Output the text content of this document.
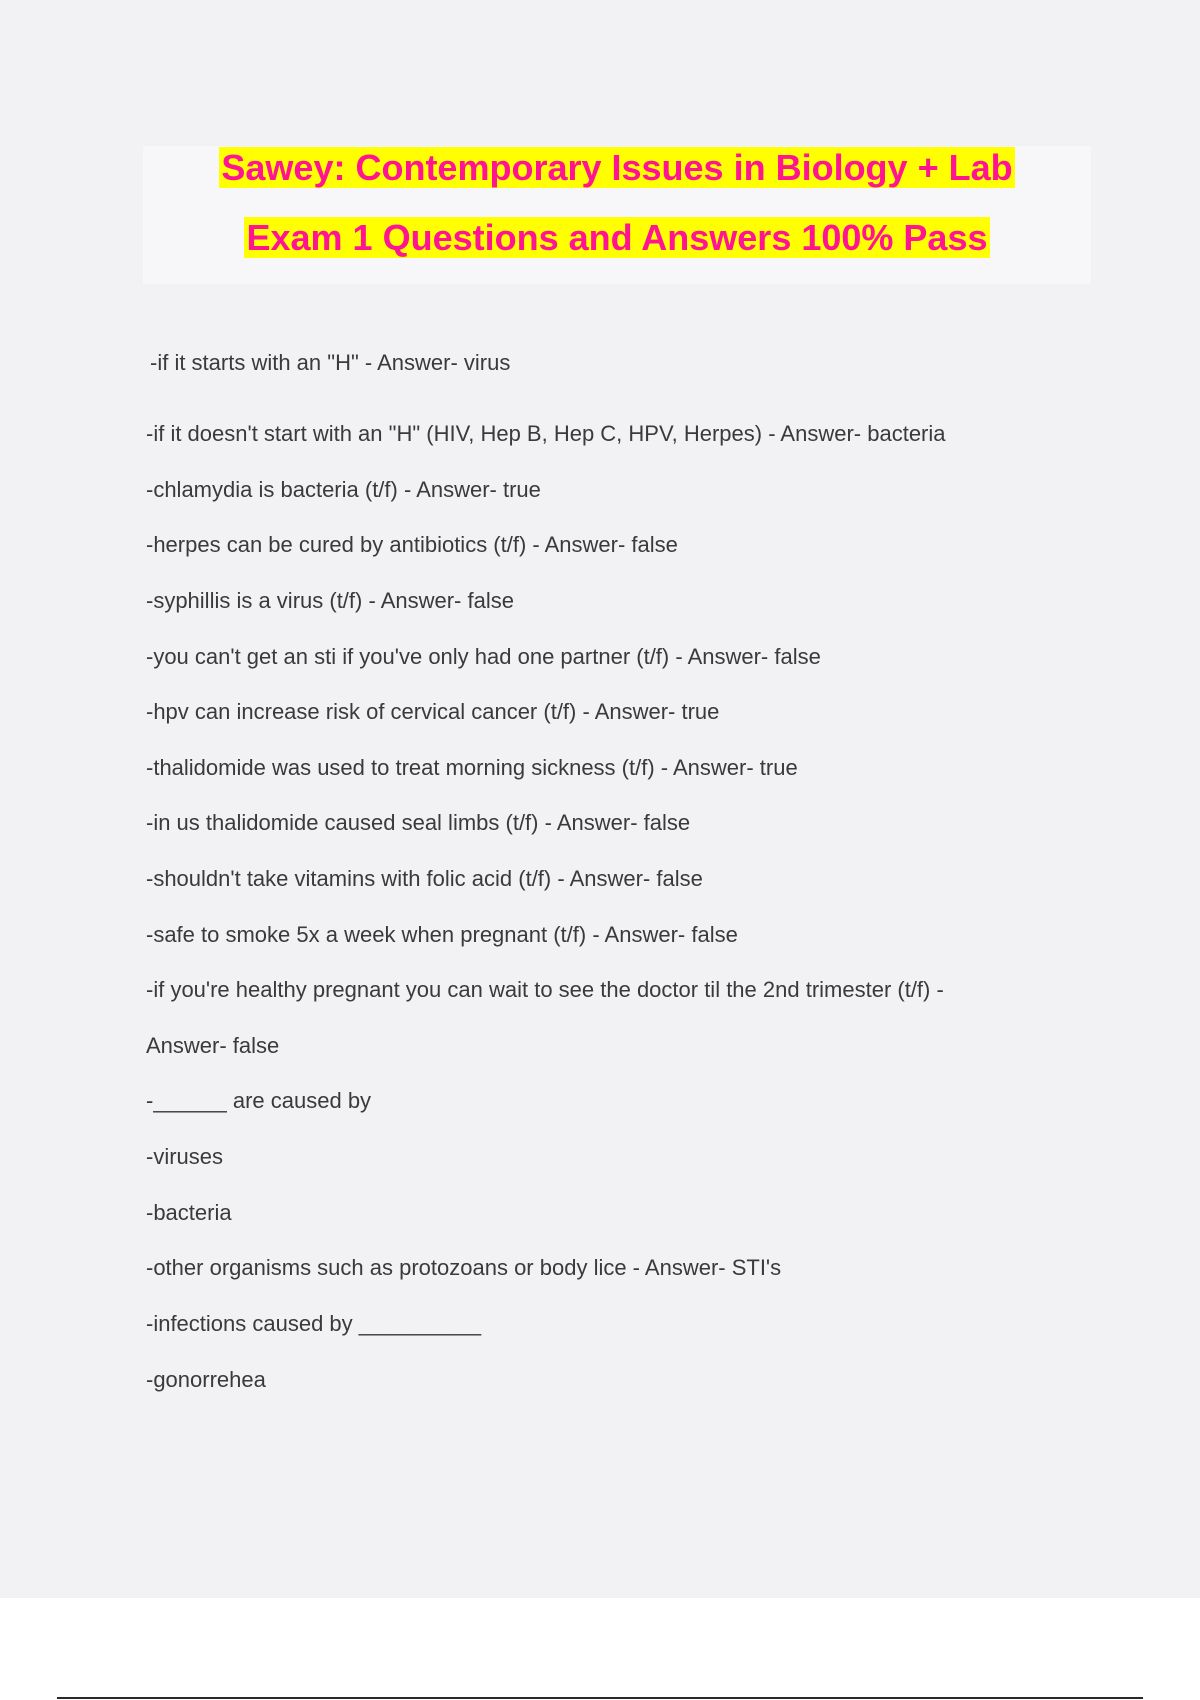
Sawey: Contemporary Issues in Biology + Lab
Exam 1 Questions and Answers 100% Pass
-if it starts with an "H" - Answer- virus
-if it doesn't start with an "H" (HIV, Hep B, Hep C, HPV, Herpes) - Answer- bacteria
-chlamydia is bacteria (t/f) - Answer- true
-herpes can be cured by antibiotics (t/f) - Answer- false
-syphillis is a virus (t/f) - Answer- false
-you can't get an sti if you've only had one partner (t/f) - Answer- false
-hpv can increase risk of cervical cancer (t/f) - Answer- true
-thalidomide was used to treat morning sickness (t/f) - Answer- true
-in us thalidomide caused seal limbs (t/f) - Answer- false
-shouldn't take vitamins with folic acid (t/f) - Answer- false
-safe to smoke 5x a week when pregnant (t/f) - Answer- false
-if you're healthy pregnant you can wait to see the doctor til the 2nd trimester (t/f) -
Answer- false
-______ are caused by
-viruses
-bacteria
-other organisms such as protozoans or body lice - Answer- STI's
-infections caused by __________
-gonorrehea
